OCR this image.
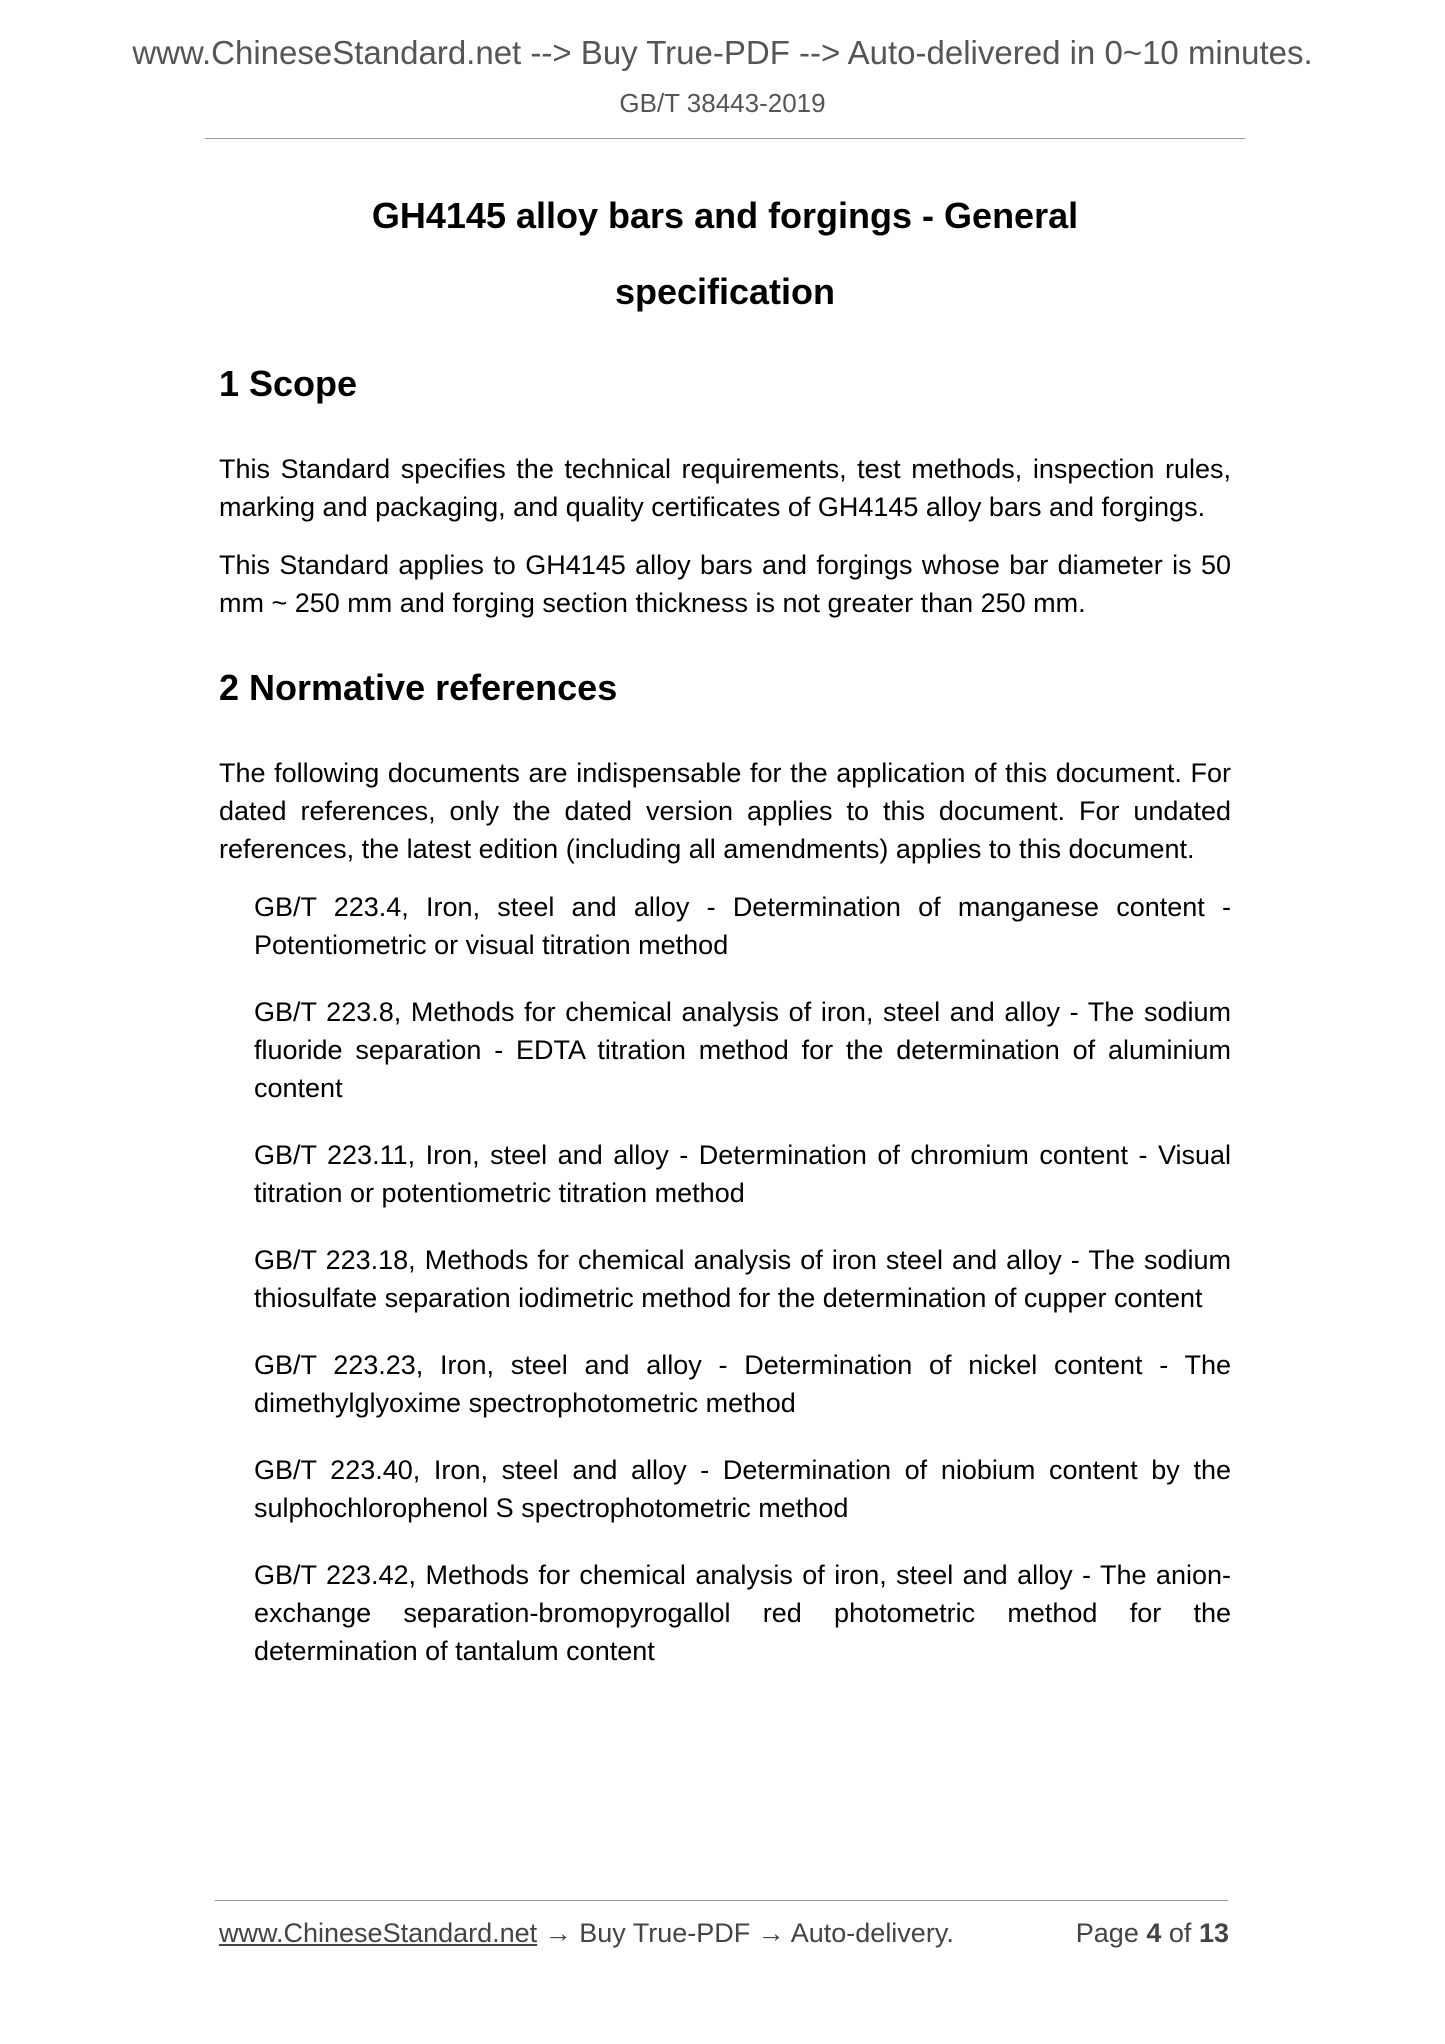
www.ChineseStandard.net --> Buy True-PDF --> Auto-delivered in 0~10 minutes.
GB/T 38443-2019
GH4145 alloy bars and forgings - General
specification
1 Scope

This Standard specifies the technical requirements, test methods, inspection rules, marking and packaging, and quality certificates of GH4145 alloy bars and forgings.

This Standard applies to GH4145 alloy bars and forgings whose bar diameter is 50 mm ~ 250 mm and forging section thickness is not greater than 250 mm.

2 Normative references

The following documents are indispensable for the application of this document. For dated references, only the dated version applies to this document. For undated references, the latest edition (including all amendments) applies to this document.

GB/T 223.4, Iron, steel and alloy - Determination of manganese content - Potentiometric or visual titration method

GB/T 223.8, Methods for chemical analysis of iron, steel and alloy - The sodium fluoride separation - EDTA titration method for the determination of aluminium content

GB/T 223.11, Iron, steel and alloy - Determination of chromium content - Visual titration or potentiometric titration method

GB/T 223.18, Methods for chemical analysis of iron steel and alloy - The sodium thiosulfate separation iodimetric method for the determination of cupper content

GB/T 223.23, Iron, steel and alloy - Determination of nickel content - The dimethylglyoxime spectrophotometric method

GB/T 223.40, Iron, steel and alloy - Determination of niobium content by the sulphochlorophenol S spectrophotometric method

GB/T 223.42, Methods for chemical analysis of iron, steel and alloy - The anion-exchange separation-bromopyrogallol red photometric method for the determination of tantalum content

www.ChineseStandard.net → Buy True-PDF → Auto-delivery.	Page 4 of 13
